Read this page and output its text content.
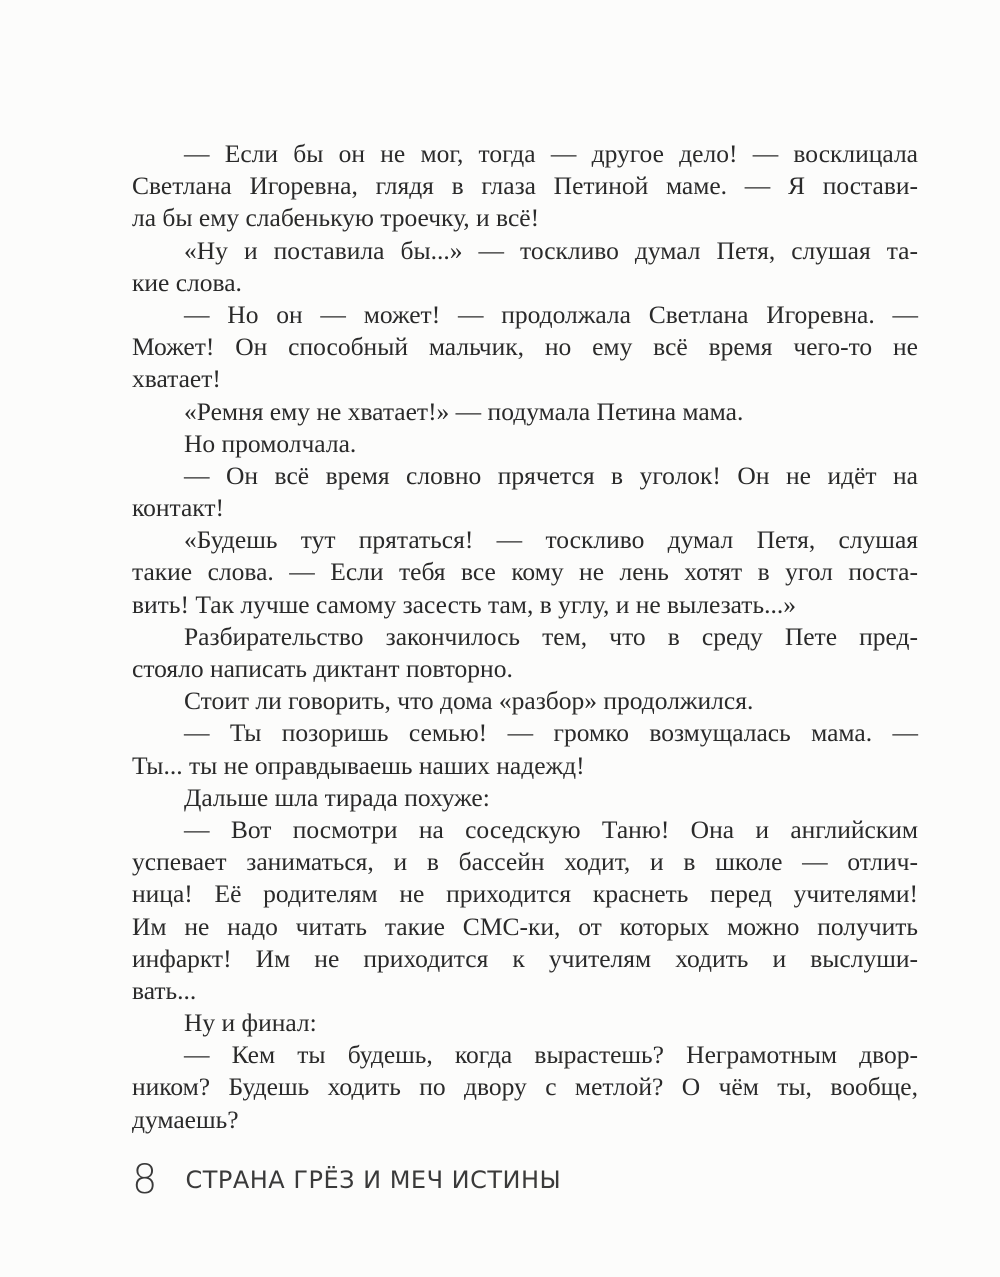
— Если бы он не мог, тогда — другое дело! — восклицала
Светлана Игоревна, глядя в глаза Петиной маме. — Я постави-
ла бы ему слабенькую троечку, и всё!
«Ну и поставила бы...» — тоскливо думал Петя, слушая та-
кие слова.
— Но он — может! — продолжала Светлана Игоревна. —
Может! Он способный мальчик, но ему всё время чего-то не
хватает!
«Ремня ему не хватает!» — подумала Петина мама.
Но промолчала.
— Он всё время словно прячется в уголок! Он не идёт на
контакт!
«Будешь тут прятаться! — тоскливо думал Петя, слушая
такие слова. — Если тебя все кому не лень хотят в угол поста-
вить! Так лучше самому засесть там, в углу, и не вылезать...»
Разбирательство закончилось тем, что в среду Пете пред-
стояло написать диктант повторно.
Стоит ли говорить, что дома «разбор» продолжился.
— Ты позоришь семью! — громко возмущалась мама. —
Ты... ты не оправдываешь наших надежд!
Дальше шла тирада похуже:
— Вот посмотри на соседскую Таню! Она и английским
успевает заниматься, и в бассейн ходит, и в школе — отлич-
ница! Её родителям не приходится краснеть перед учителями!
Им не надо читать такие СМС-ки, от которых можно получить
инфаркт! Им не приходится к учителям ходить и выслуши-
вать...
Ну и финал:
— Кем ты будешь, когда вырастешь? Неграмотным двор-
ником? Будешь ходить по двору с метлой? О чём ты, вообще,
думаешь?
8 СТРАНА ГРЁЗ И МЕЧ ИСТИНЫ
